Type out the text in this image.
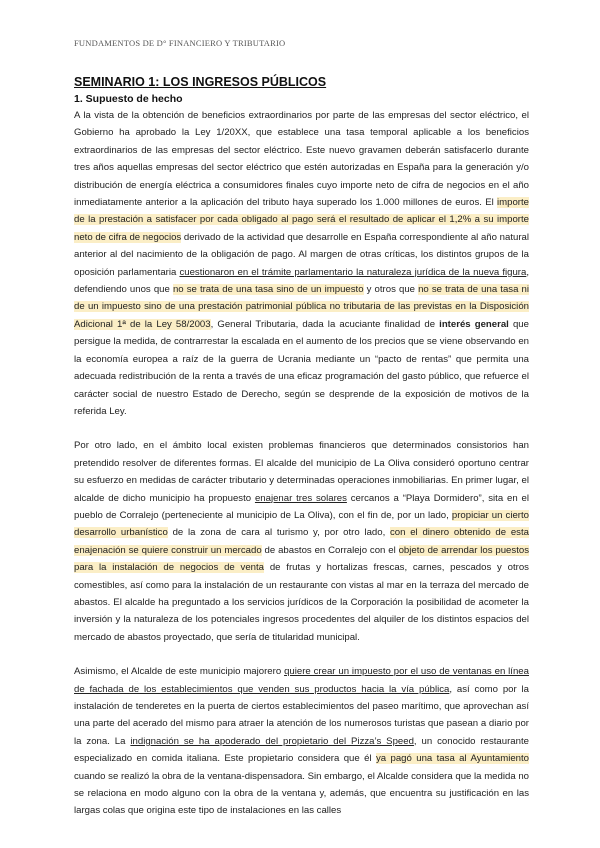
FUNDAMENTOS DE D° FINANCIERO Y TRIBUTARIO
SEMINARIO 1: LOS INGRESOS PÚBLICOS
1. Supuesto de hecho

A la vista de la obtención de beneficios extraordinarios por parte de las empresas del sector eléctrico, el Gobierno ha aprobado la Ley 1/20XX, que establece una tasa temporal aplicable a los beneficios extraordinarios de las empresas del sector eléctrico. Este nuevo gravamen deberán satisfacerlo durante tres años aquellas empresas del sector eléctrico que estén autorizadas en España para la generación y/o distribución de energía eléctrica a consumidores finales cuyo importe neto de cifra de negocios en el año inmediatamente anterior a la aplicación del tributo haya superado los 1.000 millones de euros. El importe de la prestación a satisfacer por cada obligado al pago será el resultado de aplicar el 1,2% a su importe neto de cifra de negocios derivado de la actividad que desarrolle en España correspondiente al año natural anterior al del nacimiento de la obligación de pago. Al margen de otras críticas, los distintos grupos de la oposición parlamentaria cuestionaron en el trámite parlamentario la naturaleza jurídica de la nueva figura, defendiendo unos que no se trata de una tasa sino de un impuesto y otros que no se trata de una tasa ni de un impuesto sino de una prestación patrimonial pública no tributaria de las previstas en la Disposición Adicional 1ª de la Ley 58/2003, General Tributaria, dada la acuciante finalidad de interés general que persigue la medida, de contrarrestar la escalada en el aumento de los precios que se viene observando en la economía europea a raíz de la guerra de Ucrania mediante un “pacto de rentas” que permita una adecuada redistribución de la renta a través de una eficaz programación del gasto público, que refuerce el carácter social de nuestro Estado de Derecho, según se desprende de la exposición de motivos de la referida Ley.

Por otro lado, en el ámbito local existen problemas financieros que determinados consistorios han pretendido resolver de diferentes formas. El alcalde del municipio de La Oliva consideró oportuno centrar su esfuerzo en medidas de carácter tributario y determinadas operaciones inmobiliarias. En primer lugar, el alcalde de dicho municipio ha propuesto enajenar tres solares cercanos a “Playa Dormidero”, sita en el pueblo de Corralejo (perteneciente al municipio de La Oliva), con el fin de, por un lado, propiciar un cierto desarrollo urbanístico de la zona de cara al turismo y, por otro lado, con el dinero obtenido de esta enajenación se quiere construir un mercado de abastos en Corralejo con el objeto de arrendar los puestos para la instalación de negocios de venta de frutas y hortalizas frescas, carnes, pescados y otros comestibles, así como para la instalación de un restaurante con vistas al mar en la terraza del mercado de abastos. El alcalde ha preguntado a los servicios jurídicos de la Corporación la posibilidad de acometer la inversión y la naturaleza de los potenciales ingresos procedentes del alquiler de los distintos espacios del mercado de abastos proyectado, que sería de titularidad municipal.

Asimismo, el Alcalde de este municipio majorero quiere crear un impuesto por el uso de ventanas en línea de fachada de los establecimientos que venden sus productos hacia la vía pública, así como por la instalación de tenderetes en la puerta de ciertos establecimientos del paseo marítimo, que aprovechan así una parte del acerado del mismo para atraer la atención de los numerosos turistas que pasean a diario por la zona. La indignación se ha apoderado del propietario del Pizza’s Speed, un conocido restaurante especializado en comida italiana. Este propietario considera que él ya pagó una tasa al Ayuntamiento cuando se realizó la obra de la ventana-dispensadora. Sin embargo, el Alcalde considera que la medida no se relaciona en modo alguno con la obra de la ventana y, además, que encuentra su justificación en las largas colas que origina este tipo de instalaciones en las calles
